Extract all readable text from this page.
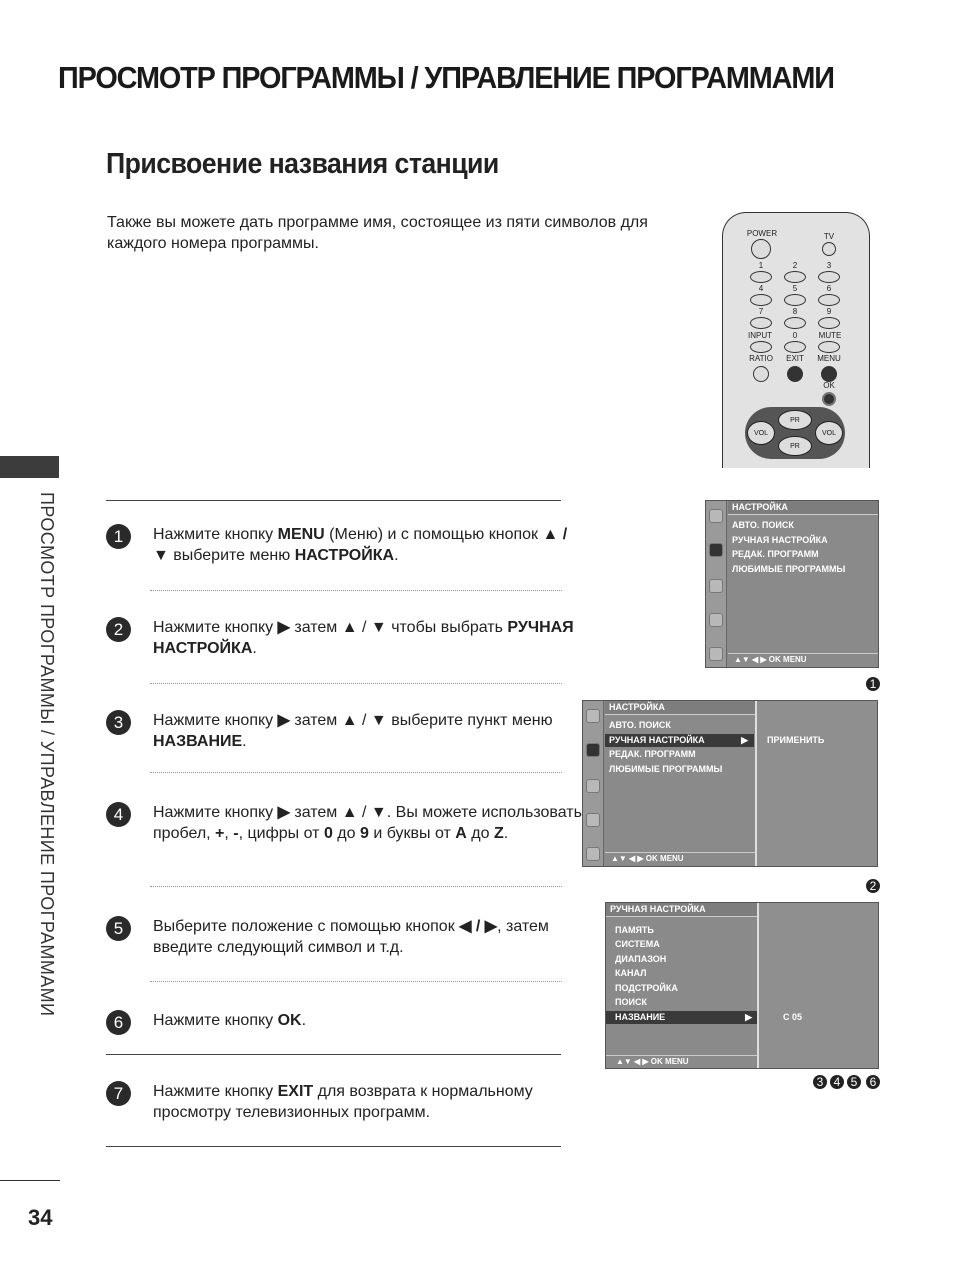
ПРОСМОТР ПРОГРАММЫ / УПРАВЛЕНИЕ ПРОГРАММАМИ
Присвоение названия станции
Также вы можете дать программе имя, состоящее из пяти символов для каждого номера программы.
ПРОСМОТР ПРОГРАММЫ / УПРАВЛЕНИЕ ПРОГРАММАМИ
34
POWER	TV
1	2	3
4	5	6
7	8	9
INPUT	0	MUTE
RATIO	EXIT	MENU
OK
PR
PR
VOL	VOL
1	Нажмите кнопку MENU (Меню) и с помощью кнопок ▲ / ▼ выберите меню НАСТРОЙКА.
2	Нажмите кнопку ▶ затем ▲ / ▼ чтобы выбрать РУЧНАЯ НАСТРОЙКА.
3	Нажмите кнопку ▶ затем ▲ / ▼ выберите пункт меню НАЗВАНИЕ.
4	Нажмите кнопку ▶ затем ▲ / ▼. Вы можете использовать пробел, +, -, цифры от 0 до 9 и буквы от А до Z.
5	Выберите положение с помощью кнопок ◀ / ▶, затем введите следующий символ и т.д.
6	Нажмите кнопку OK.
7	Нажмите кнопку EXIT для возврата к нормальному просмотру телевизионных программ.
НАСТРОЙКА
АВТО. ПОИСК
РУЧНАЯ НАСТРОЙКА
РЕДАК. ПРОГРАММ
ЛЮБИМЫЕ ПРОГРАММЫ
▲▼ ◀ ▶ OK MENU
1
НАСТРОЙКА
АВТО. ПОИСК
РУЧНАЯ НАСТРОЙКА	▶
РЕДАК. ПРОГРАММ
ЛЮБИМЫЕ ПРОГРАММЫ
▲▼ ◀ ▶ OK MENU
ПРИМЕНИТЬ
2
РУЧНАЯ НАСТРОЙКА
ПАМЯТЬ
СИСТЕМА
ДИАПАЗОН
КАНАЛ
ПОДСТРОЙКА
ПОИСК
НАЗВАНИЕ	▶
▲▼ ◀ ▶ OK MENU
C 05
3 4 5	6
